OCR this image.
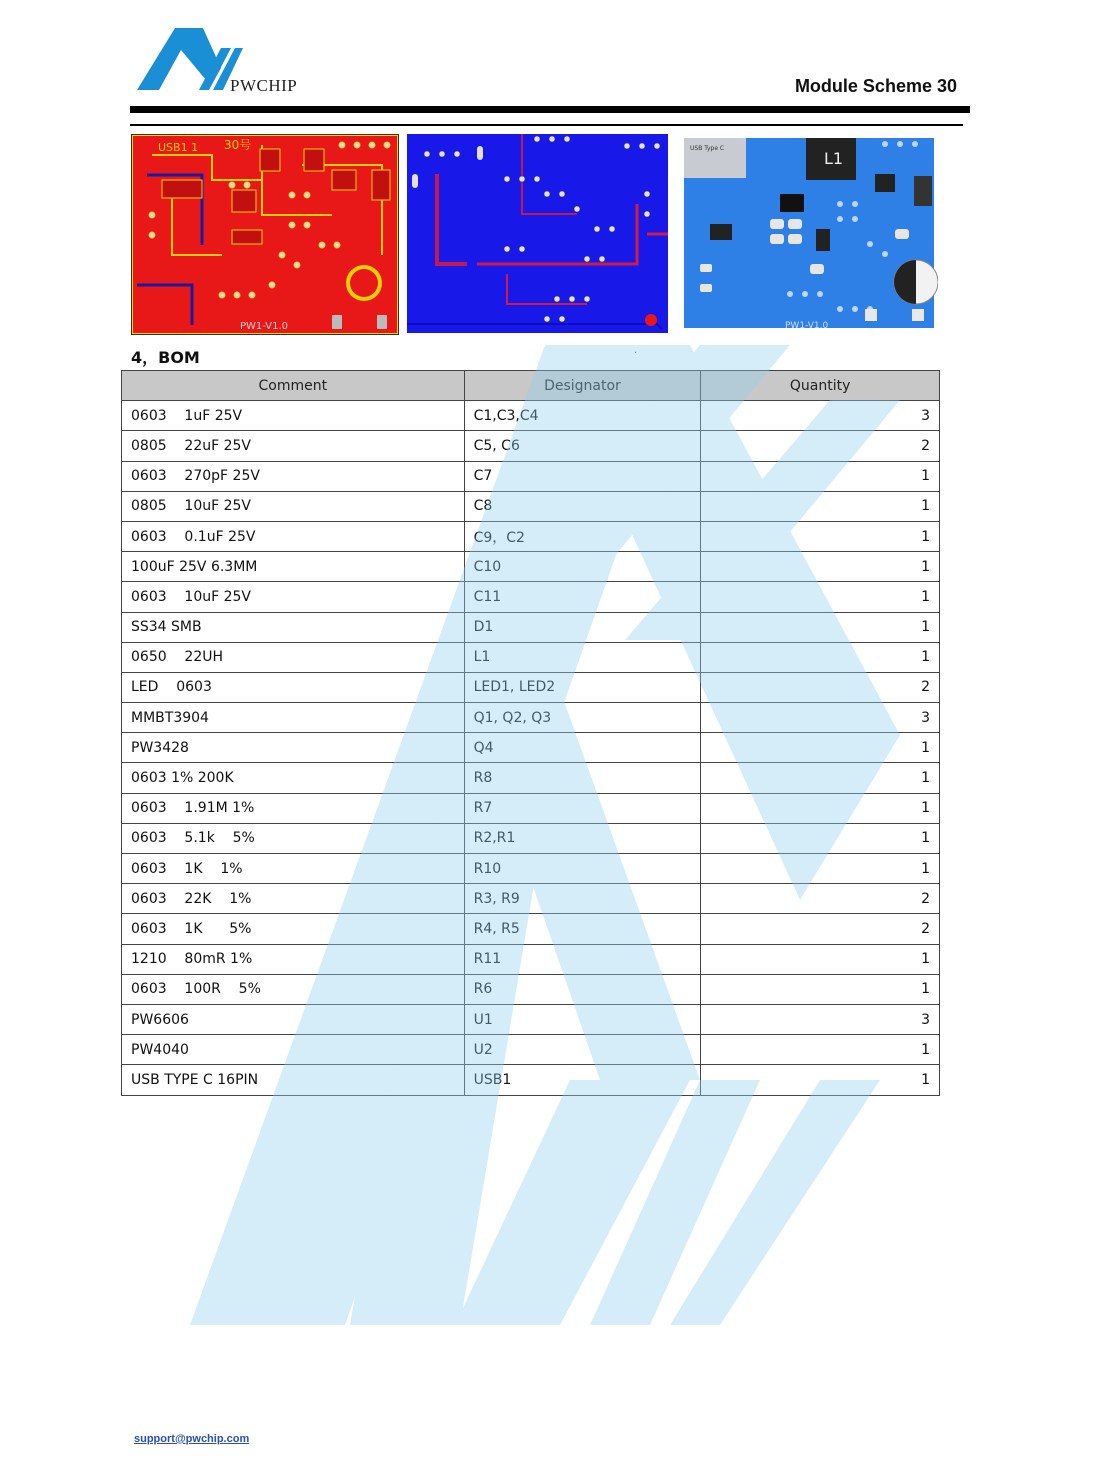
PWCHIP	Module Scheme 30
USB1 1 30号
PW1-V1.0
USB Type C
L1
PW1-V1.0
4，BOM	.
Comment	Designator	Quantity
0603    1uF 25V	C1,C3,C4	3
0805    22uF 25V	C5, C6	2
0603    270pF 25V	C7	1
0805    10uF 25V	C8	1
0603    0.1uF 25V	C9，C2	1
100uF 25V 6.3MM	C10	1
0603    10uF 25V	C11	1
SS34 SMB	D1	1
0650    22UH	L1	1
LED    0603	LED1, LED2	2
MMBT3904	Q1, Q2, Q3	3
PW3428	Q4	1
0603 1% 200K	R8	1
0603    1.91M 1%	R7	1
0603    5.1k    5%	R2,R1	1
0603    1K    1%	R10	1
0603    22K    1%	R3, R9	2
0603    1K      5%	R4, R5	2
1210    80mR 1%	R11	1
0603    100R    5%	R6	1
PW6606	U1	3
PW4040	U2	1
USB TYPE C 16PIN	USB1	1
support@pwchip.com
